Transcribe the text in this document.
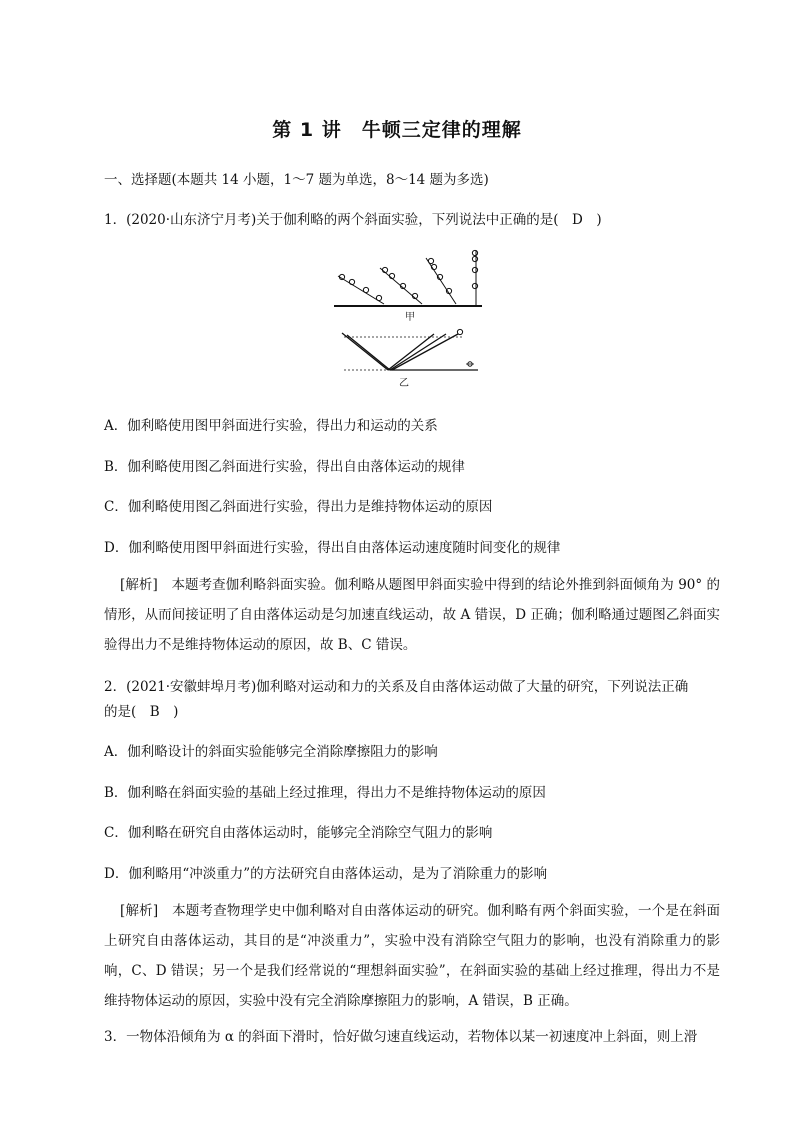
第 1 讲　牛顿三定律的理解
一、选择题(本题共 14 小题，1～7 题为单选，8～14 题为多选)
1．(2020·山东济宁月考)关于伽利略的两个斜面实验，下列说法中正确的是(　D　)
甲
乙
A．伽利略使用图甲斜面进行实验，得出力和运动的关系
B．伽利略使用图乙斜面进行实验，得出自由落体运动的规律
C．伽利略使用图乙斜面进行实验，得出力是维持物体运动的原因
D．伽利略使用图甲斜面进行实验，得出自由落体运动速度随时间变化的规律
[解析]　 本题考查伽利略斜面实验。伽利略从题图甲斜面实验中得到的结论外推到斜面倾角为 90° 的情形，从而间接证明了自由落体运动是匀加速直线运动，故 A 错误，D 正确；伽利略通过题图乙斜面实验得出力不是维持物体运动的原因，故 B、C 错误。
2．(2021·安徽蚌埠月考)伽利略对运动和力的关系及自由落体运动做了大量的研究，下列说法正确
的是(　B　)
A．伽利略设计的斜面实验能够完全消除摩擦阻力的影响
B．伽利略在斜面实验的基础上经过推理，得出力不是维持物体运动的原因
C．伽利略在研究自由落体运动时，能够完全消除空气阻力的影响
D．伽利略用“冲淡重力”的方法研究自由落体运动，是为了消除重力的影响
[解析]　 本题考查物理学史中伽利略对自由落体运动的研究。伽利略有两个斜面实验，一个是在斜面上研究自由落体运动，其目的是“冲淡重力”，实验中没有消除空气阻力的影响，也没有消除重力的影响，C、D 错误；另一个是我们经常说的“理想斜面实验”，在斜面实验的基础上经过推理，得出力不是维持物体运动的原因，实验中没有完全消除摩擦阻力的影响，A 错误，B 正确。
3．一物体沿倾角为 α 的斜面下滑时，恰好做匀速直线运动，若物体以某一初速度冲上斜面，则上滑
